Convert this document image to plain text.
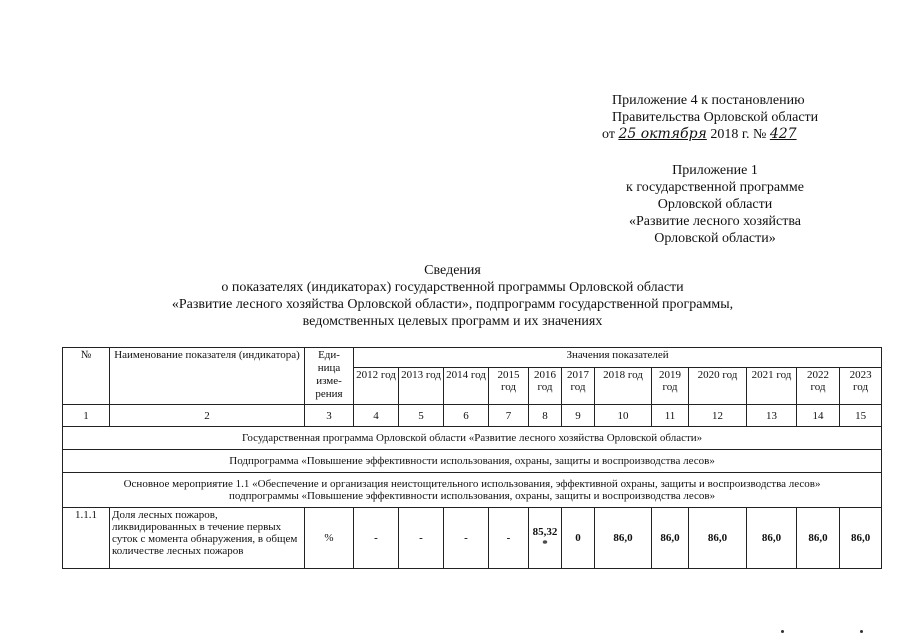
Приложение 4 к постановлению
Правительства Орловской области
от 25 октября 2018 г. № 427
Приложение 1
к государственной программе
Орловской области
«Развитие лесного хозяйства
Орловской области»
Сведения
о показателях (индикаторах) государственной программы Орловской области
«Развитие лесного хозяйства Орловской области», подпрограмм государственной программы,
ведомственных целевых программ и их значениях
№	Наименование показателя (индикатора)	Еди-ница изме-рения	Значения показателей											
			2012 год	2013 год	2014 год	2015 год	2016 год	2017 год	2018 год	2019 год	2020 год	2021 год	2022 год	2023 год
1	2	3	4	5	6	7	8	9	10	11	12	13	14	15
Государственная программа Орловской области «Развитие лесного хозяйства Орловской области»														
Подпрограмма «Повышение эффективности использования, охраны, защиты и воспроизводства лесов»														

Основное мероприятие 1.1 «Обеспечение и организация неистощительного использования, эффективной охраны, защиты и воспроизводства лесов»
подпрограммы «Повышение эффективности использования, охраны, защиты и воспроизводства лесов»														

1.1.1	Доля лесных пожаров, ликвидированных в течение первых суток с момента обнаружения, в общем количестве лесных пожаров	%	-	-	-	-	85,32 *	0	86,0	86,0	86,0	86,0	86,0	86,0
